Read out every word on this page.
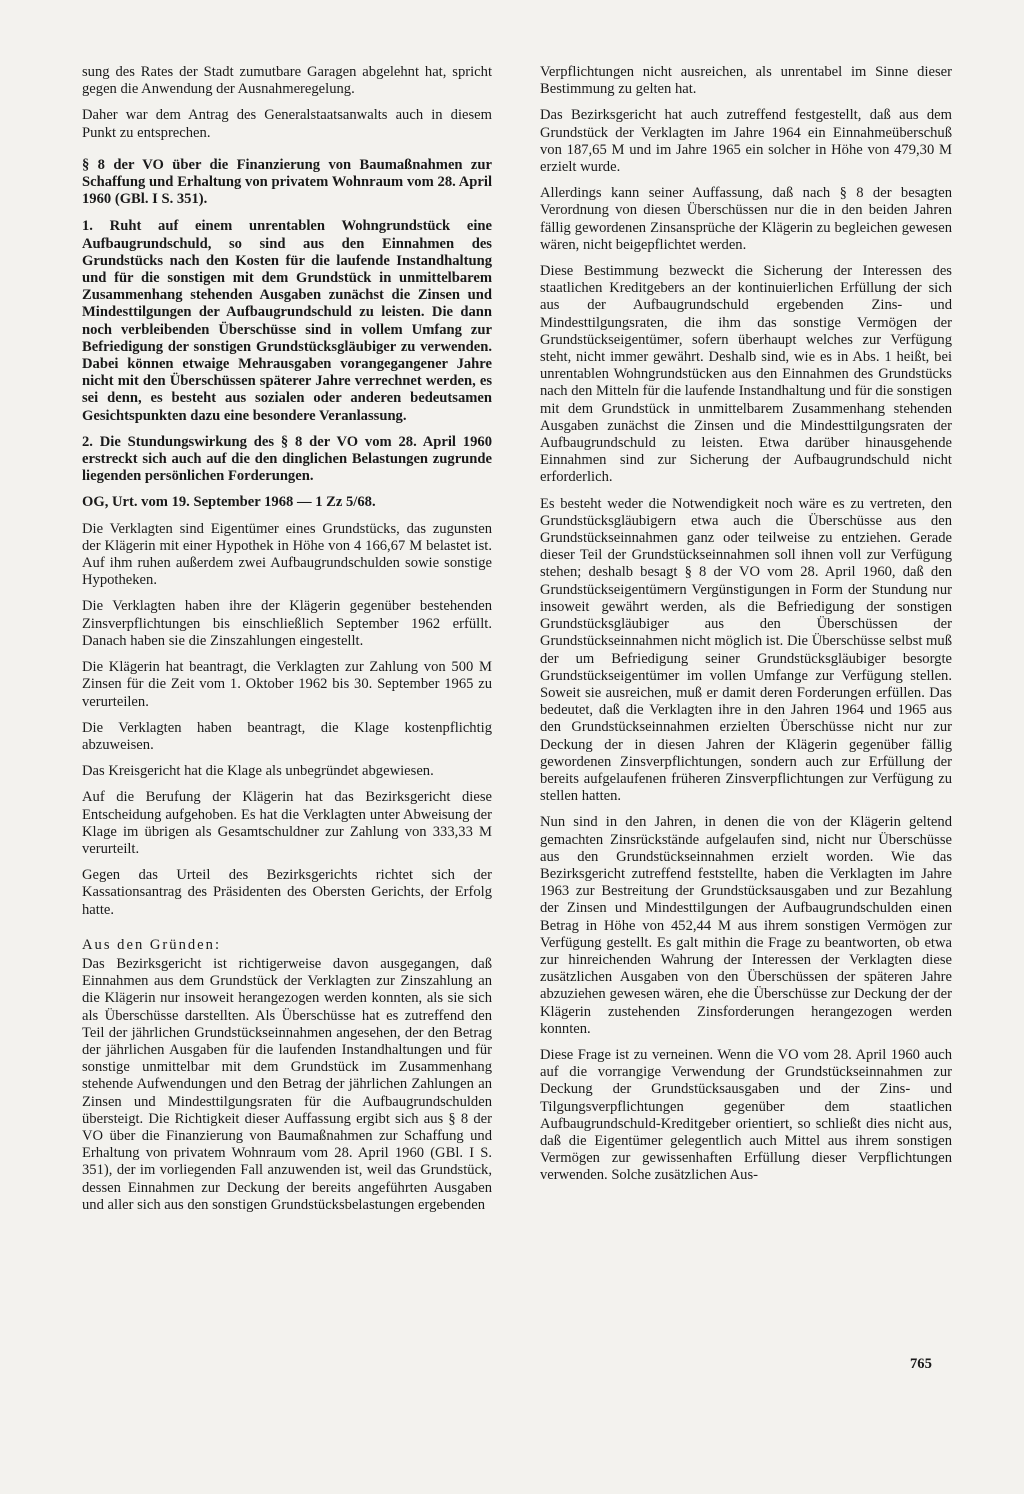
sung des Rates der Stadt zumutbare Garagen abgelehnt hat, spricht gegen die Anwendung der Ausnahmeregelung.

Daher war dem Antrag des Generalstaatsanwalts auch in diesem Punkt zu entsprechen.

§ 8 der VO über die Finanzierung von Baumaßnahmen zur Schaffung und Erhaltung von privatem Wohnraum vom 28. April 1960 (GBl. I S. 351).

1. Ruht auf einem unrentablen Wohngrundstück eine Aufbaugrundschuld, so sind aus den Einnahmen des Grundstücks nach den Kosten für die laufende Instandhaltung und für die sonstigen mit dem Grundstück in unmittelbarem Zusammenhang stehenden Ausgaben zunächst die Zinsen und Mindesttilgungen der Aufbaugrundschuld zu leisten. Die dann noch verbleibenden Überschüsse sind in vollem Umfang zur Befriedigung der sonstigen Grundstücksgläubiger zu verwenden. Dabei können etwaige Mehrausgaben vorangegangener Jahre nicht mit den Überschüssen späterer Jahre verrechnet werden, es sei denn, es besteht aus sozialen oder anderen bedeutsamen Gesichtspunkten dazu eine besondere Veranlassung.

2. Die Stundungswirkung des § 8 der VO vom 28. April 1960 erstreckt sich auch auf die den dinglichen Belastungen zugrunde liegenden persönlichen Forderungen.

OG, Urt. vom 19. September 1968 — 1 Zz 5/68.

Die Verklagten sind Eigentümer eines Grundstücks, das zugunsten der Klägerin mit einer Hypothek in Höhe von 4 166,67 M belastet ist. Auf ihm ruhen außerdem zwei Aufbaugrundschulden sowie sonstige Hypotheken.

Die Verklagten haben ihre der Klägerin gegenüber bestehenden Zinsverpflichtungen bis einschließlich September 1962 erfüllt. Danach haben sie die Zinszahlungen eingestellt.

Die Klägerin hat beantragt, die Verklagten zur Zahlung von 500 M Zinsen für die Zeit vom 1. Oktober 1962 bis 30. September 1965 zu verurteilen.

Die Verklagten haben beantragt, die Klage kostenpflichtig abzuweisen.

Das Kreisgericht hat die Klage als unbegründet abgewiesen.

Auf die Berufung der Klägerin hat das Bezirksgericht diese Entscheidung aufgehoben. Es hat die Verklagten unter Abweisung der Klage im übrigen als Gesamtschuldner zur Zahlung von 333,33 M verurteilt.

Gegen das Urteil des Bezirksgerichts richtet sich der Kassationsantrag des Präsidenten des Obersten Gerichts, der Erfolg hatte.

Aus den Gründen:

Das Bezirksgericht ist richtigerweise davon ausgegangen, daß Einnahmen aus dem Grundstück der Verklagten zur Zinszahlung an die Klägerin nur insoweit herangezogen werden konnten, als sie sich als Überschüsse darstellten. Als Überschüsse hat es zutreffend den Teil der jährlichen Grundstückseinnahmen angesehen, der den Betrag der jährlichen Ausgaben für die laufenden Instandhaltungen und für sonstige unmittelbar mit dem Grundstück im Zusammenhang stehende Aufwendungen und den Betrag der jährlichen Zahlungen an Zinsen und Mindesttilgungsraten für die Aufbaugrundschulden übersteigt. Die Richtigkeit dieser Auffassung ergibt sich aus § 8 der VO über die Finanzierung von Baumaßnahmen zur Schaffung und Erhaltung von privatem Wohnraum vom 28. April 1960 (GBl. I S. 351), der im vorliegenden Fall anzuwenden ist, weil das Grundstück, dessen Einnahmen zur Deckung der bereits angeführten Ausgaben und aller sich aus den sonstigen Grundstücksbelastungen ergebenden

Verpflichtungen nicht ausreichen, als unrentabel im Sinne dieser Bestimmung zu gelten hat.

Das Bezirksgericht hat auch zutreffend festgestellt, daß aus dem Grundstück der Verklagten im Jahre 1964 ein Einnahmeüberschuß von 187,65 M und im Jahre 1965 ein solcher in Höhe von 479,30 M erzielt wurde.

Allerdings kann seiner Auffassung, daß nach § 8 der besagten Verordnung von diesen Überschüssen nur die in den beiden Jahren fällig gewordenen Zinsansprüche der Klägerin zu begleichen gewesen wären, nicht beigepflichtet werden.

Diese Bestimmung bezweckt die Sicherung der Interessen des staatlichen Kreditgebers an der kontinuierlichen Erfüllung der sich aus der Aufbaugrundschuld ergebenden Zins- und Mindesttilgungsraten, die ihm das sonstige Vermögen der Grundstückseigentümer, sofern überhaupt welches zur Verfügung steht, nicht immer gewährt. Deshalb sind, wie es in Abs. 1 heißt, bei unrentablen Wohngrundstücken aus den Einnahmen des Grundstücks nach den Mitteln für die laufende Instandhaltung und für die sonstigen mit dem Grundstück in unmittelbarem Zusammenhang stehenden Ausgaben zunächst die Zinsen und die Mindesttilgungsraten der Aufbaugrundschuld zu leisten. Etwa darüber hinausgehende Einnahmen sind zur Sicherung der Aufbaugrundschuld nicht erforderlich.

Es besteht weder die Notwendigkeit noch wäre es zu vertreten, den Grundstücksgläubigern etwa auch die Überschüsse aus den Grundstückseinnahmen ganz oder teilweise zu entziehen. Gerade dieser Teil der Grundstückseinnahmen soll ihnen voll zur Verfügung stehen; deshalb besagt § 8 der VO vom 28. April 1960, daß den Grundstückseigentümern Vergünstigungen in Form der Stundung nur insoweit gewährt werden, als die Befriedigung der sonstigen Grundstücksgläubiger aus den Überschüssen der Grundstückseinnahmen nicht möglich ist. Die Überschüsse selbst muß der um Befriedigung seiner Grundstücksgläubiger besorgte Grundstückseigentümer im vollen Umfange zur Verfügung stellen. Soweit sie ausreichen, muß er damit deren Forderungen erfüllen. Das bedeutet, daß die Verklagten ihre in den Jahren 1964 und 1965 aus den Grundstückseinnahmen erzielten Überschüsse nicht nur zur Deckung der in diesen Jahren der Klägerin gegenüber fällig gewordenen Zinsverpflichtungen, sondern auch zur Erfüllung der bereits aufgelaufenen früheren Zinsverpflichtungen zur Verfügung zu stellen hatten.

Nun sind in den Jahren, in denen die von der Klägerin geltend gemachten Zinsrückstände aufgelaufen sind, nicht nur Überschüsse aus den Grundstückseinnahmen erzielt worden. Wie das Bezirksgericht zutreffend feststellte, haben die Verklagten im Jahre 1963 zur Bestreitung der Grundstücksausgaben und zur Bezahlung der Zinsen und Mindesttilgungen der Aufbaugrundschulden einen Betrag in Höhe von 452,44 M aus ihrem sonstigen Vermögen zur Verfügung gestellt. Es galt mithin die Frage zu beantworten, ob etwa zur hinreichenden Wahrung der Interessen der Verklagten diese zusätzlichen Ausgaben von den Überschüssen der späteren Jahre abzuziehen gewesen wären, ehe die Überschüsse zur Deckung der der Klägerin zustehenden Zinsforderungen herangezogen werden konnten.

Diese Frage ist zu verneinen. Wenn die VO vom 28. April 1960 auch auf die vorrangige Verwendung der Grundstückseinnahmen zur Deckung der Grundstücksausgaben und der Zins- und Tilgungsverpflichtungen gegenüber dem staatlichen Aufbaugrundschuld-Kreditgeber orientiert, so schließt dies nicht aus, daß die Eigentümer gelegentlich auch Mittel aus ihrem sonstigen Vermögen zur gewissenhaften Erfüllung dieser Verpflichtungen verwenden. Solche zusätzlichen Aus-

765
